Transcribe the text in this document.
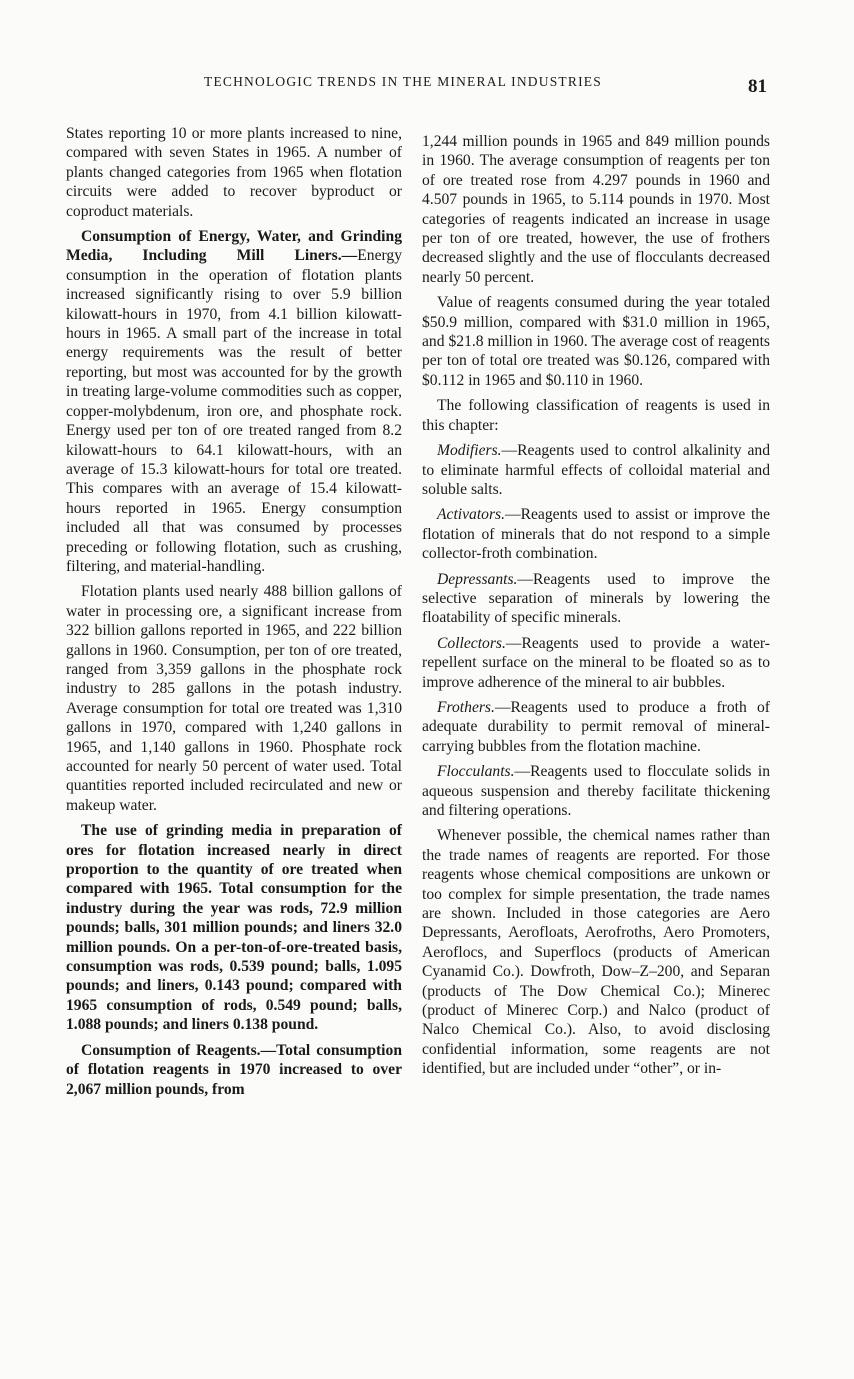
TECHNOLOGIC TRENDS IN THE MINERAL INDUSTRIES	81

States reporting 10 or more plants increased to nine, compared with seven States in 1965. A number of plants changed categories from 1965 when flotation circuits were added to recover byproduct or coproduct materials.

Consumption of Energy, Water, and Grinding Media, Including Mill Liners.—Energy consumption in the operation of flotation plants increased significantly rising to over 5.9 billion kilowatt-hours in 1970, from 4.1 billion kilowatt-hours in 1965. A small part of the increase in total energy requirements was the result of better reporting, but most was accounted for by the growth in treating large-volume commodities such as copper, copper-molybdenum, iron ore, and phosphate rock. Energy used per ton of ore treated ranged from 8.2 kilowatt-hours to 64.1 kilowatt-hours, with an average of 15.3 kilowatt-hours for total ore treated. This compares with an average of 15.4 kilowatt-hours reported in 1965. Energy consumption included all that was consumed by processes preceding or following flotation, such as crushing, filtering, and material-handling.

Flotation plants used nearly 488 billion gallons of water in processing ore, a significant increase from 322 billion gallons reported in 1965, and 222 billion gallons in 1960. Consumption, per ton of ore treated, ranged from 3,359 gallons in the phosphate rock industry to 285 gallons in the potash industry. Average consumption for total ore treated was 1,310 gallons in 1970, compared with 1,240 gallons in 1965, and 1,140 gallons in 1960. Phosphate rock accounted for nearly 50 percent of water used. Total quantities reported included recirculated and new or makeup water.

The use of grinding media in preparation of ores for flotation increased nearly in direct proportion to the quantity of ore treated when compared with 1965. Total consumption for the industry during the year was rods, 72.9 million pounds; balls, 301 million pounds; and liners 32.0 million pounds. On a per-ton-of-ore-treated basis, consumption was rods, 0.539 pound; balls, 1.095 pounds; and liners, 0.143 pound; compared with 1965 consumption of rods, 0.549 pound; balls, 1.088 pounds; and liners 0.138 pound.

Consumption of Reagents.—Total consumption of flotation reagents in 1970 increased to over 2,067 million pounds, from

1,244 million pounds in 1965 and 849 million pounds in 1960. The average consumption of reagents per ton of ore treated rose from 4.297 pounds in 1960 and 4.507 pounds in 1965, to 5.114 pounds in 1970. Most categories of reagents indicated an increase in usage per ton of ore treated, however, the use of frothers decreased slightly and the use of flocculants decreased nearly 50 percent.

Value of reagents consumed during the year totaled $50.9 million, compared with $31.0 million in 1965, and $21.8 million in 1960. The average cost of reagents per ton of total ore treated was $0.126, compared with $0.112 in 1965 and $0.110 in 1960.

The following classification of reagents is used in this chapter:

Modifiers.—Reagents used to control alkalinity and to eliminate harmful effects of colloidal material and soluble salts.

Activators.—Reagents used to assist or improve the flotation of minerals that do not respond to a simple collector-froth combination.

Depressants.—Reagents used to improve the selective separation of minerals by lowering the floatability of specific minerals.

Collectors.—Reagents used to provide a water-repellent surface on the mineral to be floated so as to improve adherence of the mineral to air bubbles.

Frothers.—Reagents used to produce a froth of adequate durability to permit removal of mineral-carrying bubbles from the flotation machine.

Flocculants.—Reagents used to flocculate solids in aqueous suspension and thereby facilitate thickening and filtering operations.

Whenever possible, the chemical names rather than the trade names of reagents are reported. For those reagents whose chemical compositions are unkown or too complex for simple presentation, the trade names are shown. Included in those categories are Aero Depressants, Aerofloats, Aerofroths, Aero Promoters, Aeroflocs, and Superflocs (products of American Cyanamid Co.). Dowfroth, Dow–Z–200, and Separan (products of The Dow Chemical Co.); Minerec (product of Minerec Corp.) and Nalco (product of Nalco Chemical Co.). Also, to avoid disclosing confidential information, some reagents are not identified, but are included under “other”, or in-
